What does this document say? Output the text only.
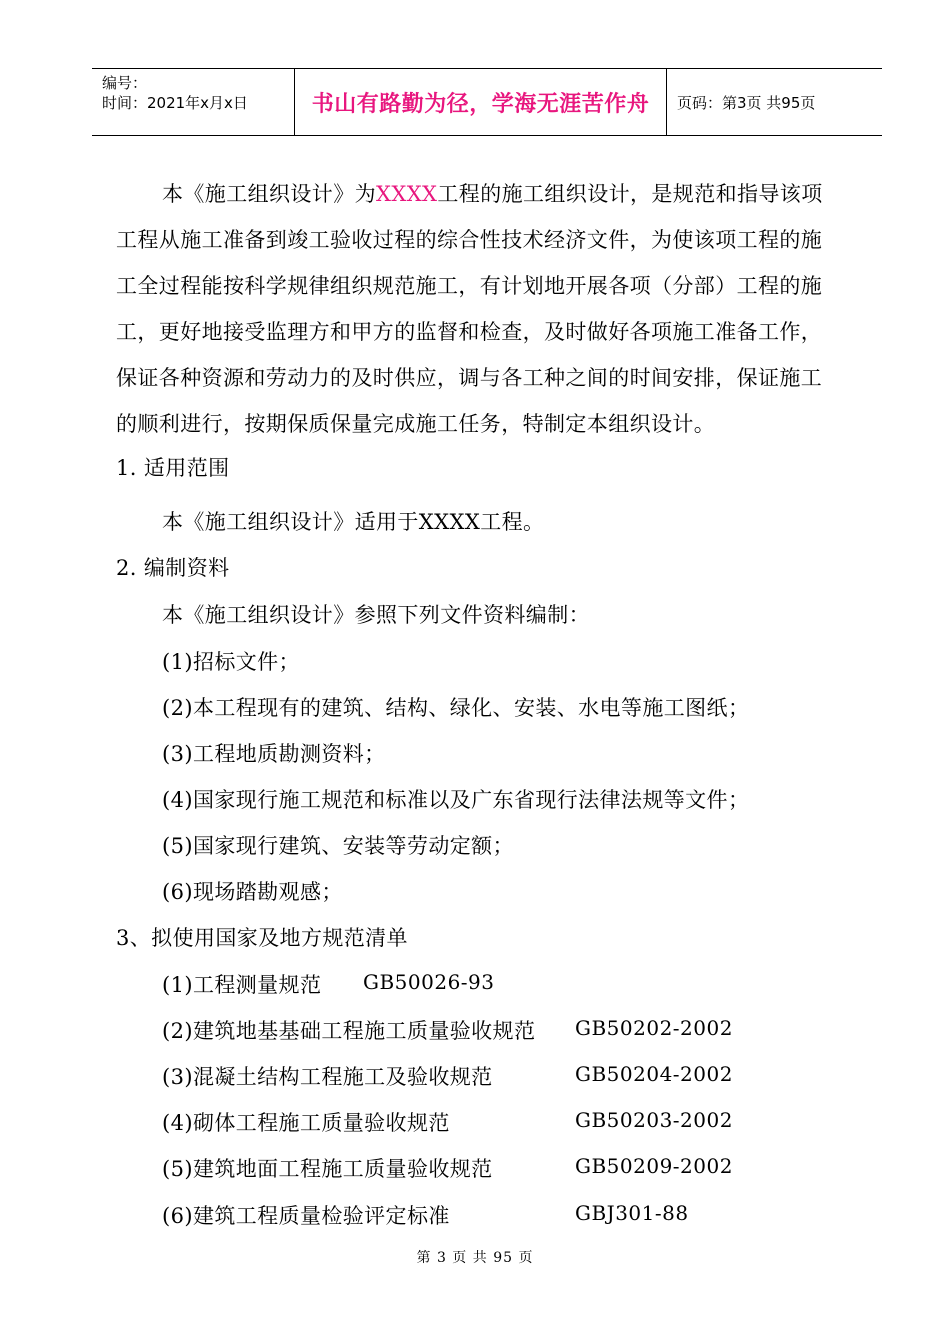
编号：
时间：2021年x月x日	书山有路勤为径，学海无涯苦作舟 页码：第3页 共95页
本《施工组织设计》为XXXX工程的施工组织设计，是规范和指导该项
工程从施工准备到竣工验收过程的综合性技术经济文件，为使该项工程的施
工全过程能按科学规律组织规范施工，有计划地开展各项（分部）工程的施
工，更好地接受监理方和甲方的监督和检查，及时做好各项施工准备工作，
保证各种资源和劳动力的及时供应，调与各工种之间的时间安排，保证施工
的顺利进行，按期保质保量完成施工任务，特制定本组织设计。
1. 适用范围
本《施工组织设计》适用于XXXX工程。
2. 编制资料
本《施工组织设计》参照下列文件资料编制：
(1)招标文件；
(2)本工程现有的建筑、结构、绿化、安装、水电等施工图纸；
(3)工程地质勘测资料；
(4)国家现行施工规范和标准以及广东省现行法律法规等文件；
(5)国家现行建筑、安装等劳动定额；
(6)现场踏勘观感；
3、拟使用国家及地方规范清单
(1)工程测量规范 GB50026-93
(2)建筑地基基础工程施工质量验收规范 GB50202-2002
(3)混凝土结构工程施工及验收规范	GB50204-2002
(4)砌体工程施工质量验收规范	GB50203-2002
(5)建筑地面工程施工质量验收规范	GB50209-2002
(6)建筑工程质量检验评定标准	GBJ301-88
第 3 页 共 95 页
